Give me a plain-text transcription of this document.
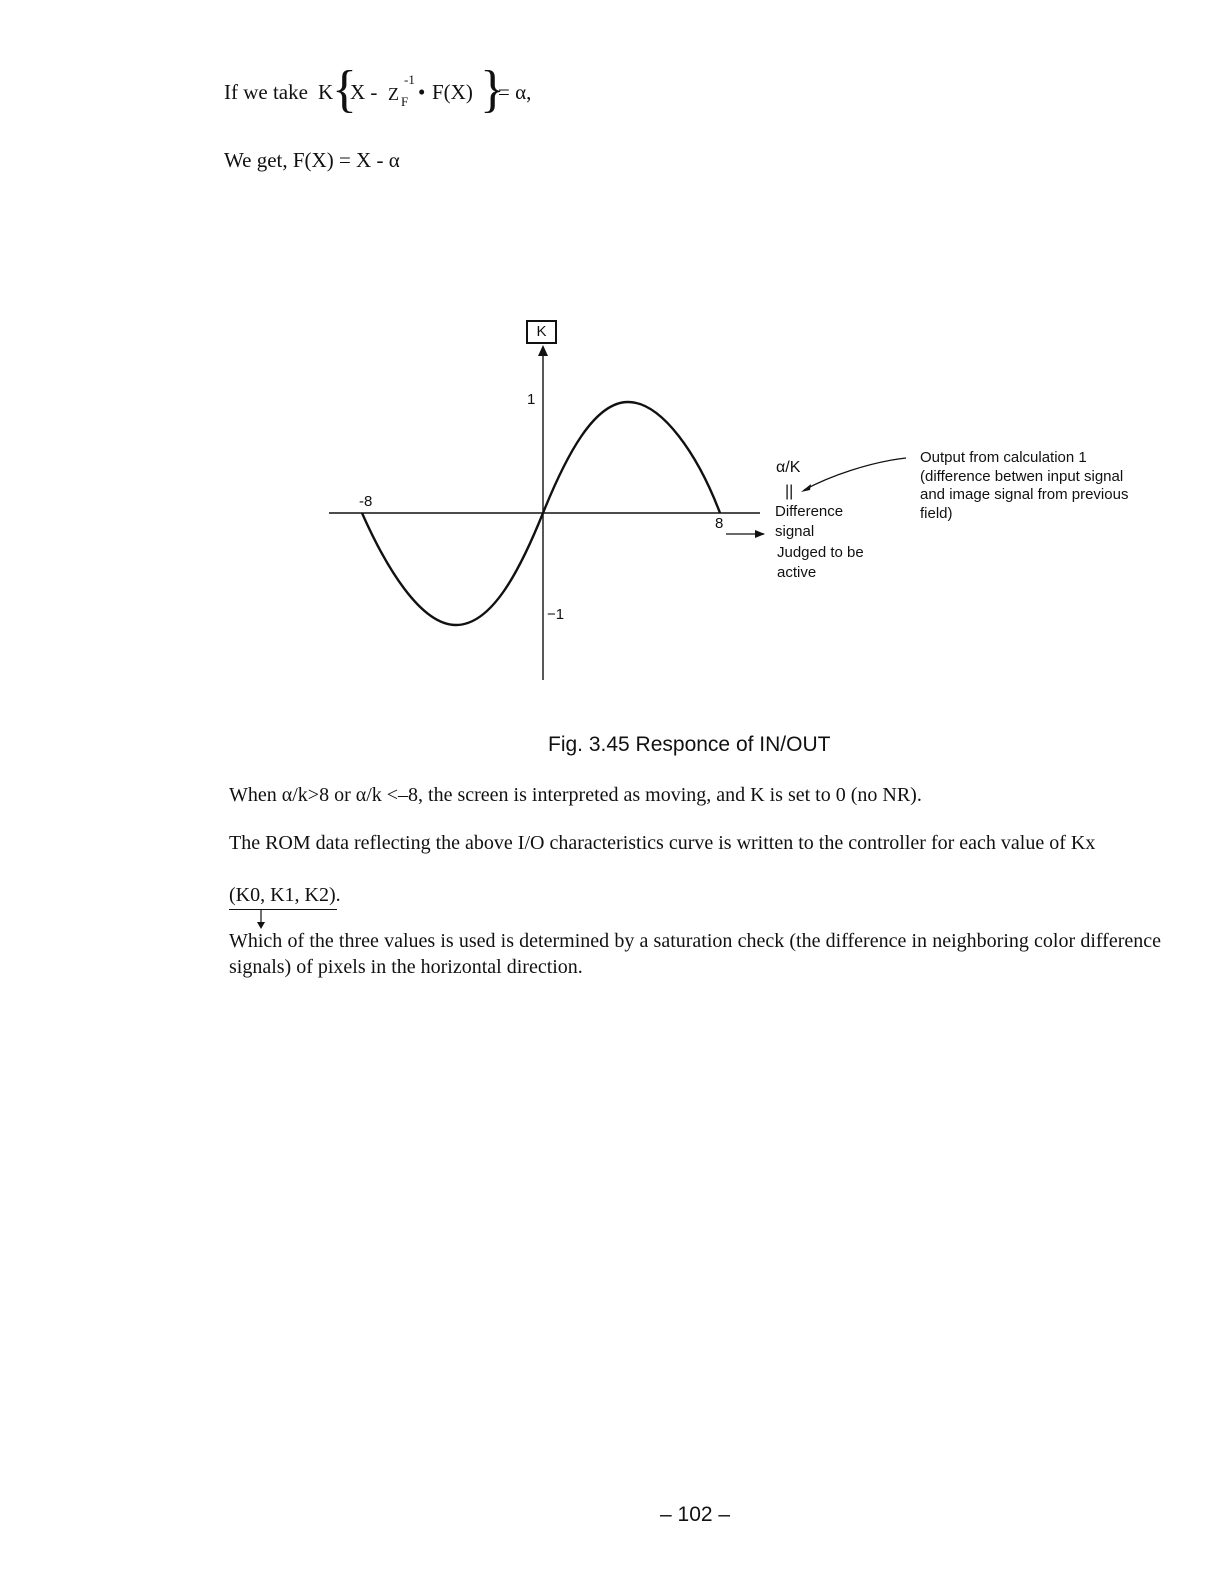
If we take K
{
X - Z
-1
F • F(X) }
= α,
We get, F(X) = X - α
K
1
−1
-8
8
α/K
||
Difference
signal
Judged to be
active
Output from calculation 1
(difference betwen input signal
and image signal from previous
field)
Fig. 3.45 Responce of IN/OUT
When α/k>8 or α/k <–8, the screen is interpreted as moving, and K is set to 0 (no NR).
The ROM data reflecting the above I/O characteristics curve is written to the controller for each value of Kx
(K0, K1, K2).
Which of the three values is used is determined by a saturation check (the difference in neighboring color difference signals) of pixels in the horizontal direction.
– 102 –
